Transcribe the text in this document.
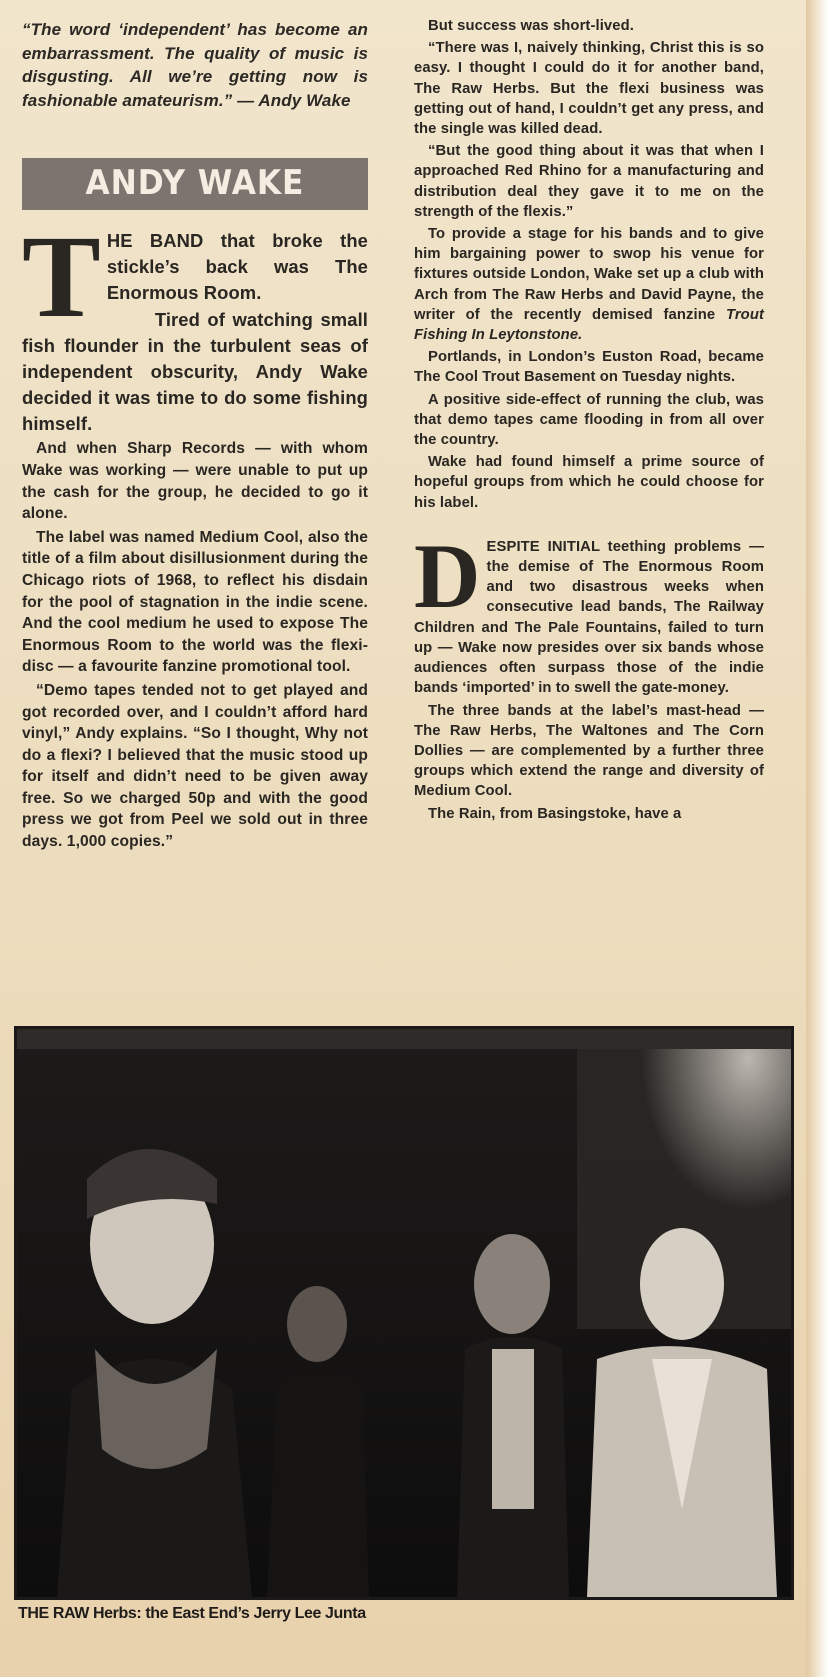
“The word ‘independent’ has become an embarrassment. The quality of music is disgusting. All we’re getting now is fashionable amateurism.” — Andy Wake
ANDY WAKE
T HE BAND that broke the stickle’s back was The Enormous Room.

Tired of watching small fish flounder in the turbulent seas of independent obscurity, Andy Wake decided it was time to do some fishing himself.

And when Sharp Records — with whom Wake was working — were unable to put up the cash for the group, he decided to go it alone.

The label was named Medium Cool, also the title of a film about disillusionment during the Chicago riots of 1968, to reflect his disdain for the pool of stagnation in the indie scene. And the cool medium he used to expose The Enormous Room to the world was the flexi-disc — a favourite fanzine promotional tool.

“Demo tapes tended not to get played and got recorded over, and I couldn’t afford hard vinyl,” Andy explains. “So I thought, Why not do a flexi? I believed that the music stood up for itself and didn’t need to be given away free. So we charged 50p and with the good press we got from Peel we sold out in three days. 1,000 copies.”

But success was short-lived.

“There was I, naively thinking, Christ this is so easy. I thought I could do it for another band, The Raw Herbs. But the flexi business was getting out of hand, I couldn’t get any press, and the single was killed dead.

“But the good thing about it was that when I approached Red Rhino for a manufacturing and distribution deal they gave it to me on the strength of the flexis.”

To provide a stage for his bands and to give him bargaining power to swop his venue for fixtures outside London, Wake set up a club with Arch from The Raw Herbs and David Payne, the writer of the recently demised fanzine Trout Fishing In Leytonstone.

Portlands, in London’s Euston Road, became The Cool Trout Basement on Tuesday nights.

A positive side-effect of running the club, was that demo tapes came flooding in from all over the country.

Wake had found himself a prime source of hopeful groups from which he could choose for his label.

D ESPITE INITIAL teething problems — the demise of The Enormous Room and two disastrous weeks when consecutive lead bands, The Railway Children and The Pale Fountains, failed to turn up — Wake now presides over six bands whose audiences often surpass those of the indie bands ‘imported’ in to swell the gate-money.

The three bands at the label’s mast-head — The Raw Herbs, The Waltones and The Corn Dollies — are complemented by a further three groups which extend the range and diversity of Medium Cool.

The Rain, from Basingstoke, have a

THE RAW Herbs: the East End’s Jerry Lee Junta
